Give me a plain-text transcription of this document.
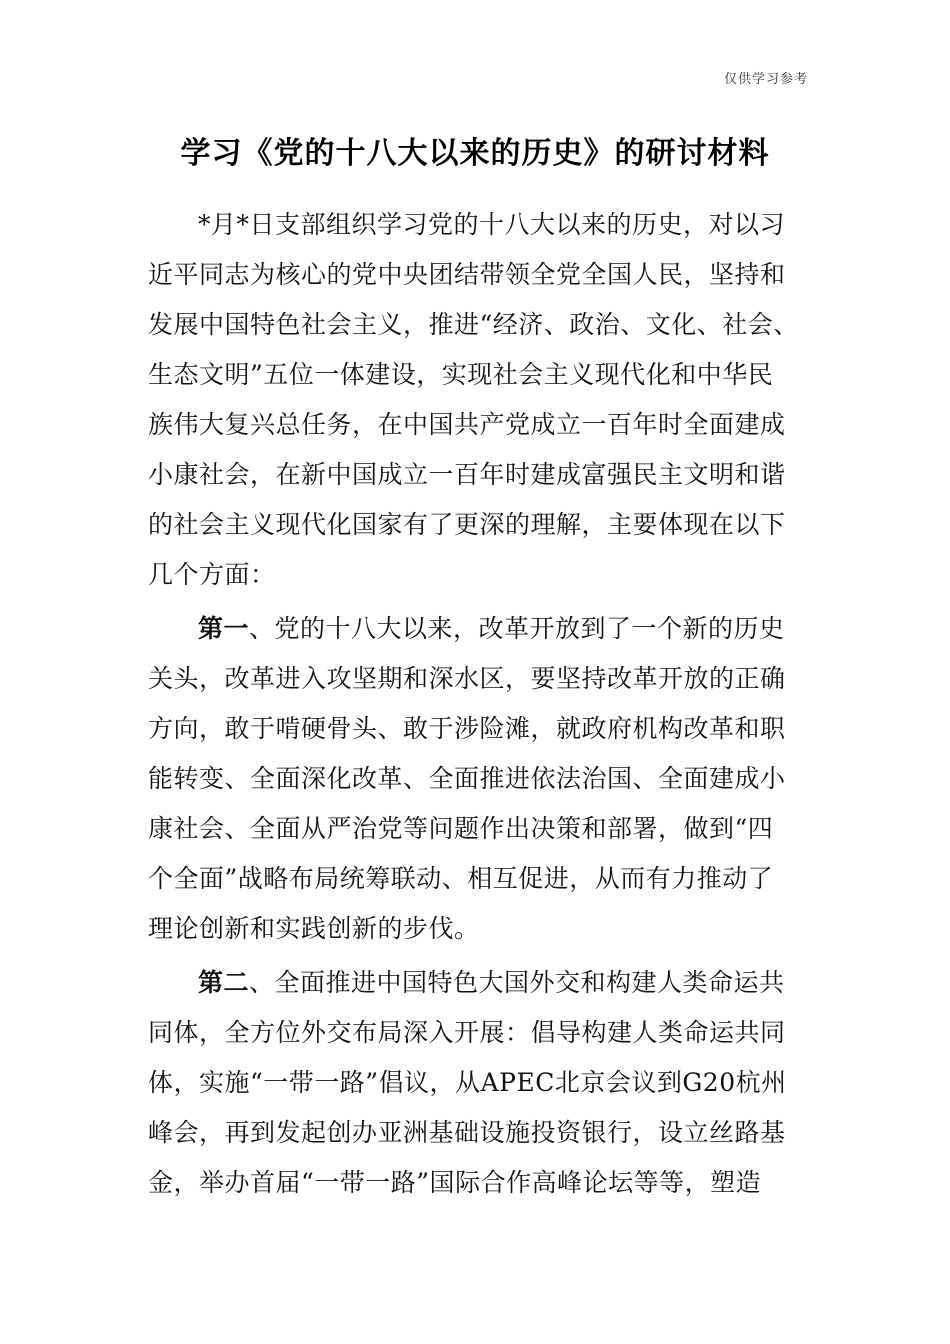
仅供学习参考
学习《党的十八大以来的历史》的研讨材料
*月*日支部组织学习党的十八大以来的历史，对以习
近平同志为核心的党中央团结带领全党全国人民，坚持和
发展中国特色社会主义，推进“经济、政治、文化、社会、
生态文明”五位一体建设，实现社会主义现代化和中华民
族伟大复兴总任务，在中国共产党成立一百年时全面建成
小康社会，在新中国成立一百年时建成富强民主文明和谐
的社会主义现代化国家有了更深的理解，主要体现在以下
几个方面：
第一、党的十八大以来，改革开放到了一个新的历史
关头，改革进入攻坚期和深水区，要坚持改革开放的正确
方向，敢于啃硬骨头、敢于涉险滩，就政府机构改革和职
能转变、全面深化改革、全面推进依法治国、全面建成小
康社会、全面从严治党等问题作出决策和部署，做到“四
个全面”战略布局统筹联动、相互促进，从而有力推动了
理论创新和实践创新的步伐。
第二、全面推进中国特色大国外交和构建人类命运共
同体，全方位外交布局深入开展：倡导构建人类命运共同
体，实施“一带一路”倡议，从APEC北京会议到G20杭州
峰会，再到发起创办亚洲基础设施投资银行，设立丝路基
金，举办首届“一带一路”国际合作高峰论坛等等，塑造
